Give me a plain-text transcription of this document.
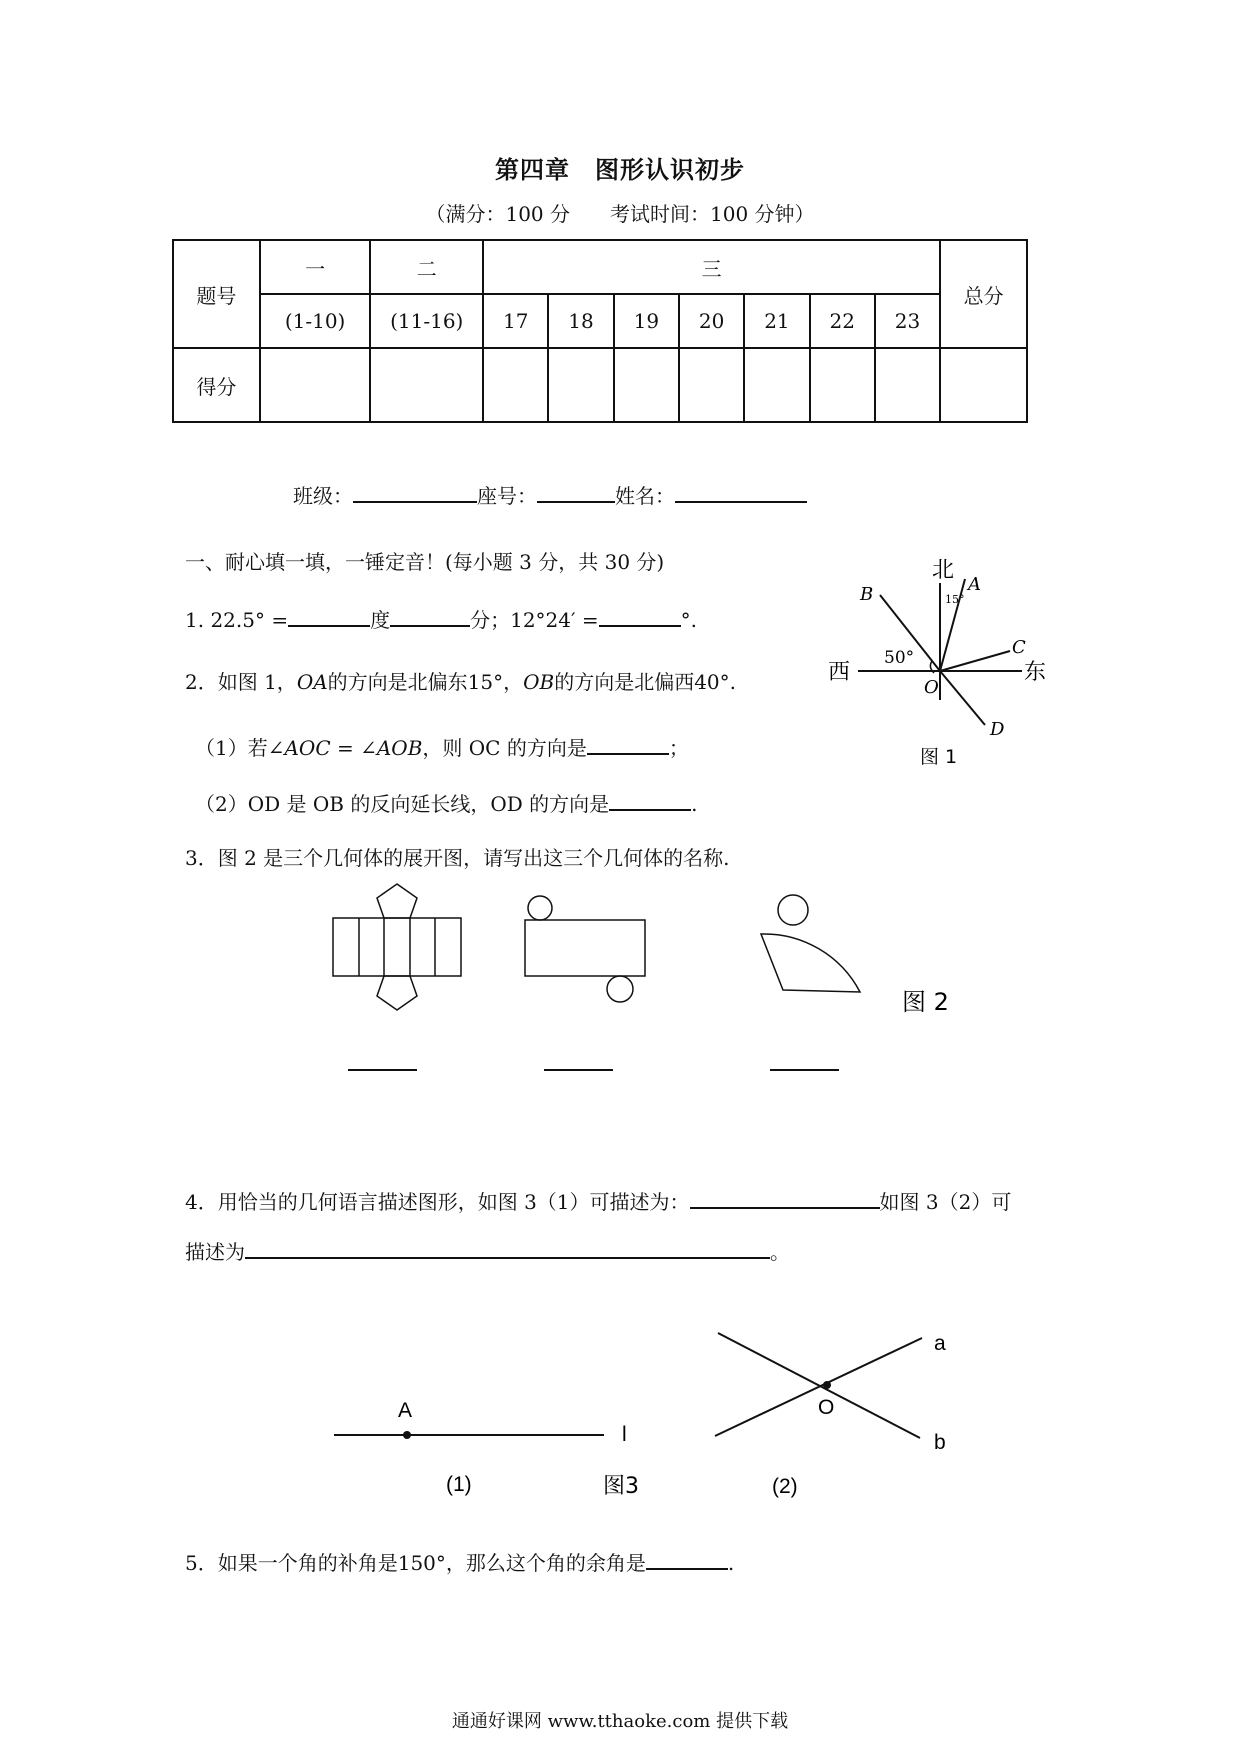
第四章　图形认识初步
（满分：100 分　　考试时间：100 分钟）
题号	一	二	三							总分
	(1-10)	(11-16)	17	18	19	20	21	22	23	
得分										
班级：	座号：	姓名：
一、耐心填一填，一锤定音！(每小题 3 分，共 30 分)
1. 22.5° =	度	分；12°24′ =	°.
2．如图 1，OA的方向是北偏东15°，OB的方向是北偏西40°.
（1）若∠AOC = ∠AOB，则 OC 的方向是	；
（2）OD 是 OB 的反向延长线，OD 的方向是	.
北
东
西
A
B
C
D
O
15°
50°
图 1
3．图 2 是三个几何体的展开图，请写出这三个几何体的名称.
图 2
4．用恰当的几何语言描述图形，如图 3（1）可描述为：	如图 3（2）可
描述为	。
A
l
a
b
O
(1)	图3	(2)
5．如果一个角的补角是150°，那么这个角的余角是	.
通通好课网 www.tthaoke.com 提供下载
